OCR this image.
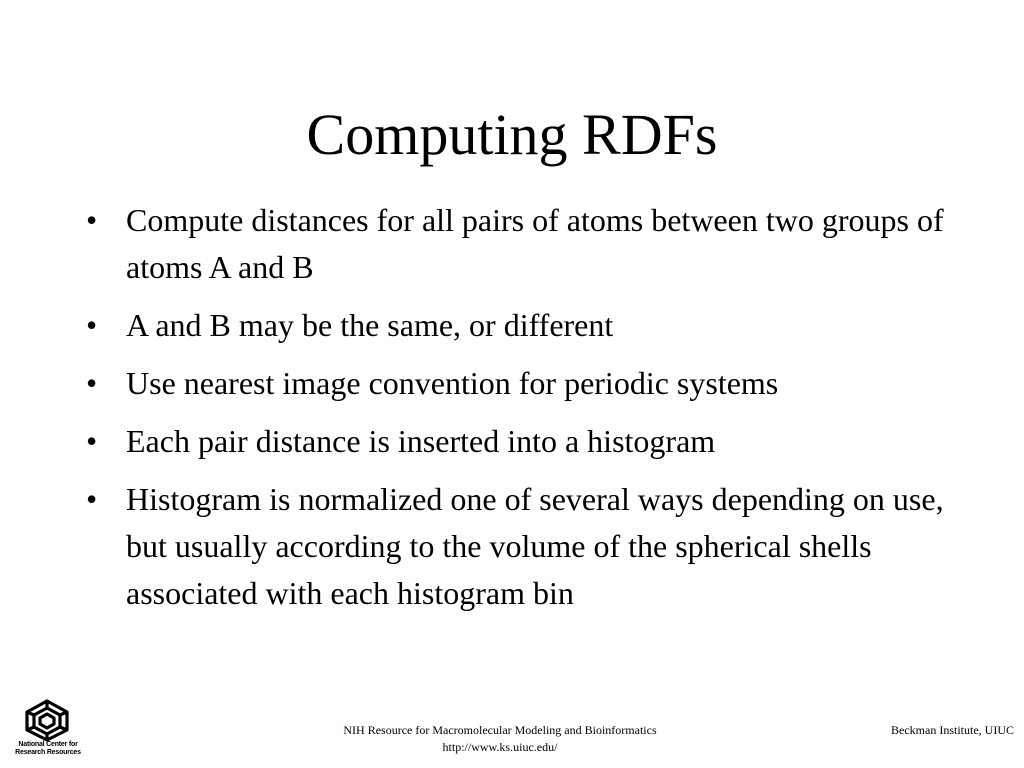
Computing RDFs
• Compute distances for all pairs of atoms between two groups of atoms A and B
• A and B may be the same, or different
• Use nearest image convention for periodic systems
• Each pair distance is inserted into a histogram
• Histogram is normalized one of several ways depending on use, but usually according to the volume of the spherical shells associated with each histogram bin
National Center for
Research Resources
NIH Resource for Macromolecular Modeling and Bioinformatics
http://www.ks.uiuc.edu/
Beckman Institute, UIUC
